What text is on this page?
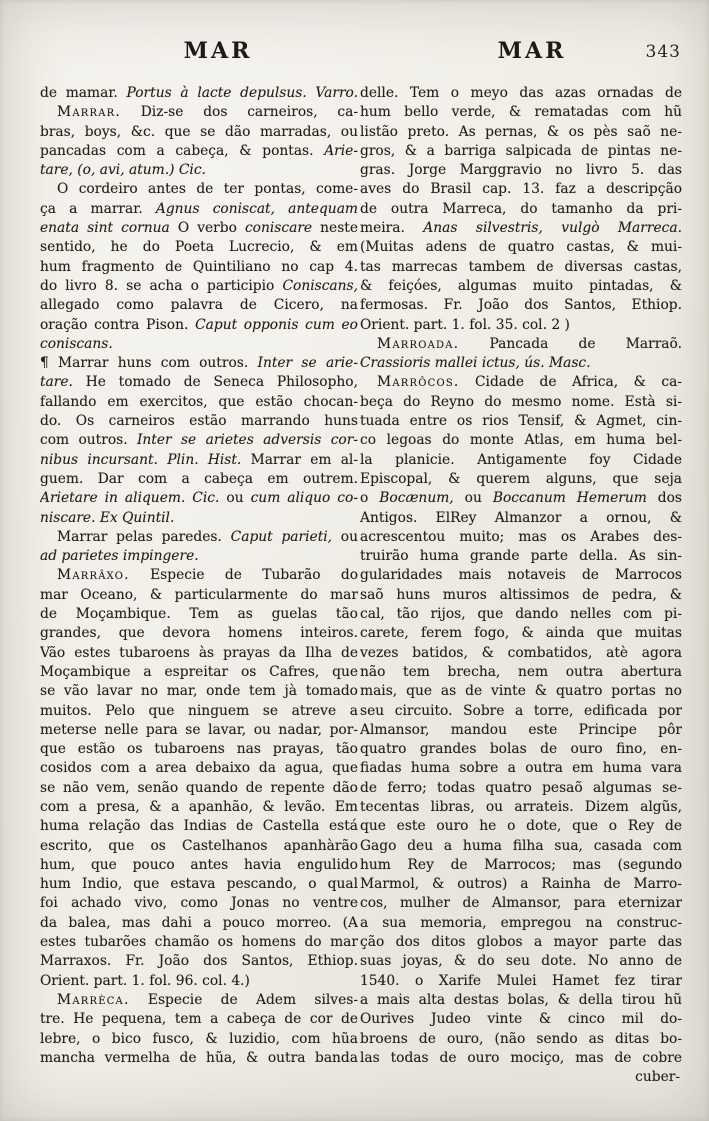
MAR	MAR	343
de mamar. Portus à lacte depulsus. Varro.
Marrar. Diz-se dos carneiros, ca-
bras, boys, &c. que se dão marradas, ou
pancadas com a cabeça, & pontas. Arie-
tare, (o, avi, atum.) Cic.
O cordeiro antes de ter pontas, come-
ça a marrar. Agnus coniscat, antequam
enata sint cornua O verbo coniscare neste
sentido, he do Poeta Lucrecio, & em
hum fragmento de Quintiliano no cap 4.
do livro 8. se acha o participio Coniscans,
allegado como palavra de Cicero, na
oração contra Pison. Caput opponis cum eo
coniscans.
¶ Marrar huns com outros. Inter se arie-
tare. He tomado de Seneca Philosopho,
fallando em exercitos, que estão chocan-
do. Os carneiros estão marrando huns
com outros. Inter se arietes adversis cor-
nibus incursant. Plin. Hist. Marrar em al-
guem. Dar com a cabeça em outrem.
Arietare in aliquem. Cic. ou cum aliquo co-
niscare. Ex Quintil.
Marrar pelas paredes. Caput parieti, ou
ad parietes impingere.
Marrâxo. Especie de Tubarão do
mar Oceano, & particularmente do mar
de Moçambique. Tem as guelas tão
grandes, que devora homens inteiros.
Vão estes tubaroens às prayas da Ilha de
Moçambique a espreitar os Cafres, que
se vão lavar no mar, onde tem jà tomado
muitos. Pelo que ninguem se atreve a
meterse nelle para se lavar, ou nadar, por-
que estão os tubaroens nas prayas, tão
cosidos com a area debaixo da agua, que
se não vem, senão quando de repente dão
com a presa, & a apanhão, & levão. Em
huma relação das Indias de Castella está
escrito, que os Castelhanos apanhàrão
hum, que pouco antes havia engulido
hum Indio, que estava pescando, o qual
foi achado vivo, como Jonas no ventre
da balea, mas dahi a pouco morreo. (A
estes tubarões chamão os homens do mar
Marraxos. Fr. João dos Santos, Ethiop.
Orient. part. 1. fol. 96. col. 4.)
Marrèca. Especie de Adem silves-
tre. He pequena, tem a cabeça de cor de
lebre, o bico fusco, & luzidio, com hũa
mancha vermelha de hũa, & outra banda
delle. Tem o meyo das azas ornadas de
hum bello verde, & rematadas com hũ
listão preto. As pernas, & os pès saõ ne-
gros, & a barriga salpicada de pintas ne-
gras. Jorge Marggravio no livro 5. das
aves do Brasil cap. 13. faz a descripção
de outra Marreca, do tamanho da pri-
meira. Anas silvestris, vulgò Marreca.
(Muitas adens de quatro castas, & mui-
tas marrecas tambem de diversas castas,
& feiçóes, algumas muito pintadas, &
fermosas. Fr. João dos Santos, Ethiop.
Orient. part. 1. fol. 35. col. 2 )
Marroada. Pancada de Marraõ.
Crassioris mallei ictus, ús. Masc.
Marrôcos. Cidade de Africa, & ca-
beça do Reyno do mesmo nome. Està si-
tuada entre os rios Tensif, & Agmet, cin-
co legoas do monte Atlas, em huma bel-
la planicie. Antigamente foy Cidade
Episcopal, & querem alguns, que seja
o Bocænum, ou Boccanum Hemerum dos
Antigos. ElRey Almanzor a ornou, &
acrescentou muito; mas os Arabes des-
truirão huma grande parte della. As sin-
gularidades mais notaveis de Marrocos
saõ huns muros altissimos de pedra, &
cal, tão rijos, que dando nelles com pi-
carete, ferem fogo, & ainda que muitas
vezes batidos, & combatidos, atè agora
não tem brecha, nem outra abertura
mais, que as de vinte & quatro portas no
seu circuito. Sobre a torre, edificada por
Almansor, mandou este Principe pôr
quatro grandes bolas de ouro fino, en-
fiadas huma sobre a outra em huma vara
de ferro; todas quatro pesaõ algumas se-
tecentas libras, ou arrateis. Dizem algũs,
que este ouro he o dote, que o Rey de
Gago deu a huma filha sua, casada com
hum Rey de Marrocos; mas (segundo
Marmol, & outros) a Rainha de Marro-
cos, mulher de Almansor, para eternizar
a sua memoria, empregou na construc-
ção dos ditos globos a mayor parte das
suas joyas, & do seu dote. No anno de
1540. o Xarife Mulei Hamet fez tirar
a mais alta destas bolas, & della tirou hũ
Ourives Judeo vinte & cinco mil do-
broens de ouro, (não sendo as ditas bo-
las todas de ouro mociço, mas de cobre
cuber-
